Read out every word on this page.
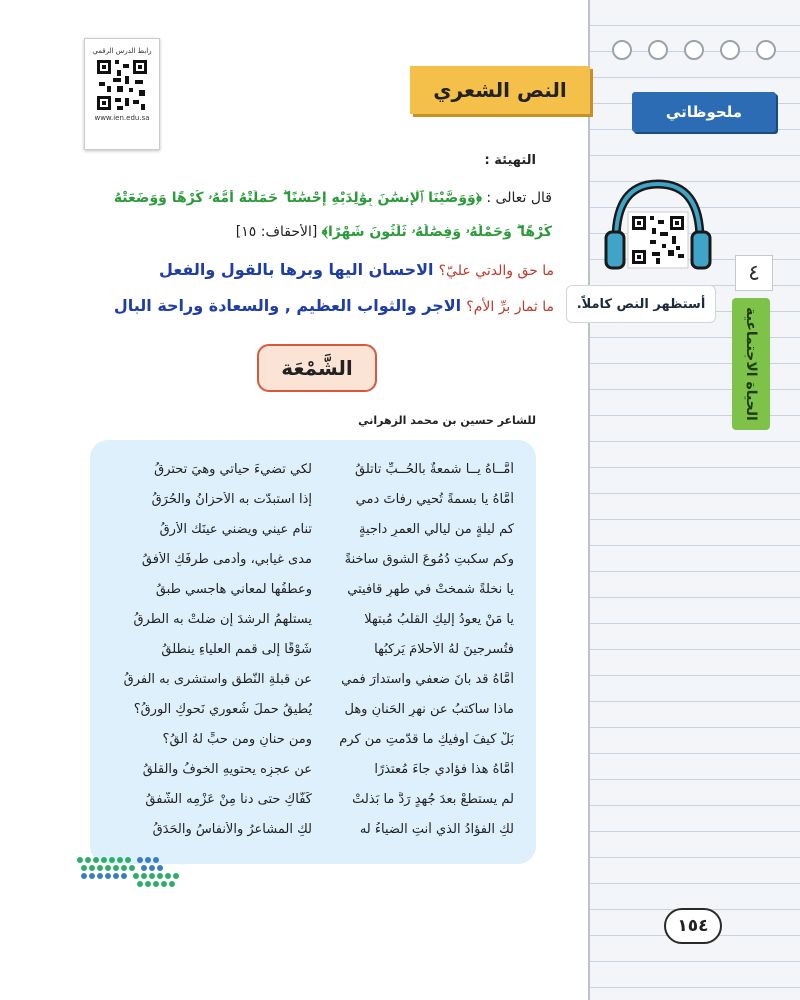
ملحوظاتي
٤
أستظهر النص كاملاً.
الحياة الاجتماعية
رابط الدرس الرقمي
www.ien.edu.sa
النص الشعري
التهيئة :
قال تعالى : ﴿وَوَصَّيْنَا ٱلْإِنسَٰنَ بِوَٰلِدَيْهِ إِحْسَٰنًا ۖ حَمَلَتْهُ أُمُّهُۥ كُرْهًا وَوَضَعَتْهُ
كُرْهًا ۖ وَحَمْلُهُۥ وَفِصَٰلُهُۥ ثَلَٰثُونَ شَهْرًا﴾ [الأحقاف: ١٥]
ما حق والدتي عليّ؟ الاحسان اليها وبرها بالقول والفعل
ما ثمار برِّ الأم؟ الاجر والثواب العظيم , والسعادة وراحة البال
الشَّمْعَة
للشاعر حسين بن محمد الزهراني
أُمَّــاهُ يــا شمعةٌ بالحُــبِّ تأتلقُ
لكي تضيءَ حياتي وهيَ تحترقُ
أُمَّاهُ يا بسمةً تُحيي رفاتَ دمي
إذا استبدّت به الأحزانُ والحُرَقُ
كم ليلةٍ من ليالي العمرِ داجيةٍ
تنام عيني ويضني عينَك الأرقُ
وكم سكبتِ دُمُوعَ الشوقِ ساخنةً
مدى غيابي، وأدمى طرفَكِ الأفقُ
يا نخلةً شمختْ في طهرِ قافيتي
وعطفُها لمعاني هاجسي طبقُ
يا مَنْ يعودُ إليكِ القلبُ مُبتهلًا
يستلهمُ الرشدَ إن ضلّتْ به الطرقُ
فتُسرجينَ لهُ الأحلامَ يَركبُها
شَوْقًا إلى قممِ العلياءِ ينطلقُ
أُمَّاهُ قد بانَ ضعفي واستدارَ فمي
عن قبلةِ النّطقِ واستشرى به الفرقُ
ماذا سأكتبُ عن نهرِ الحَنانِ وهل
يُطيقُ حملَ شُعوري نَحوكِ الورقُ؟
بَلْ كيفَ أُوفيكِ ما قدّمتِ من كرمٍ
ومن حنانٍ ومن حبٍّ لهُ ألقُ؟
أُمَّاهُ هذا فؤادي جاءَ مُعتذرًا
عن عجزِه يحتويهِ الخوفُ والقلقُ
لم يستطعْ بعدَ جُهدٍ رَدَّ ما بَذلتْ
كَفَّاكِ حتى دنا مِنْ عَزْمِه الشّفقُ
لكِ الفؤادُ الذي أنتِ الضياءُ له
لكِ المشاعرُ والأنفاسُ والحَدَقُ
١٥٤
